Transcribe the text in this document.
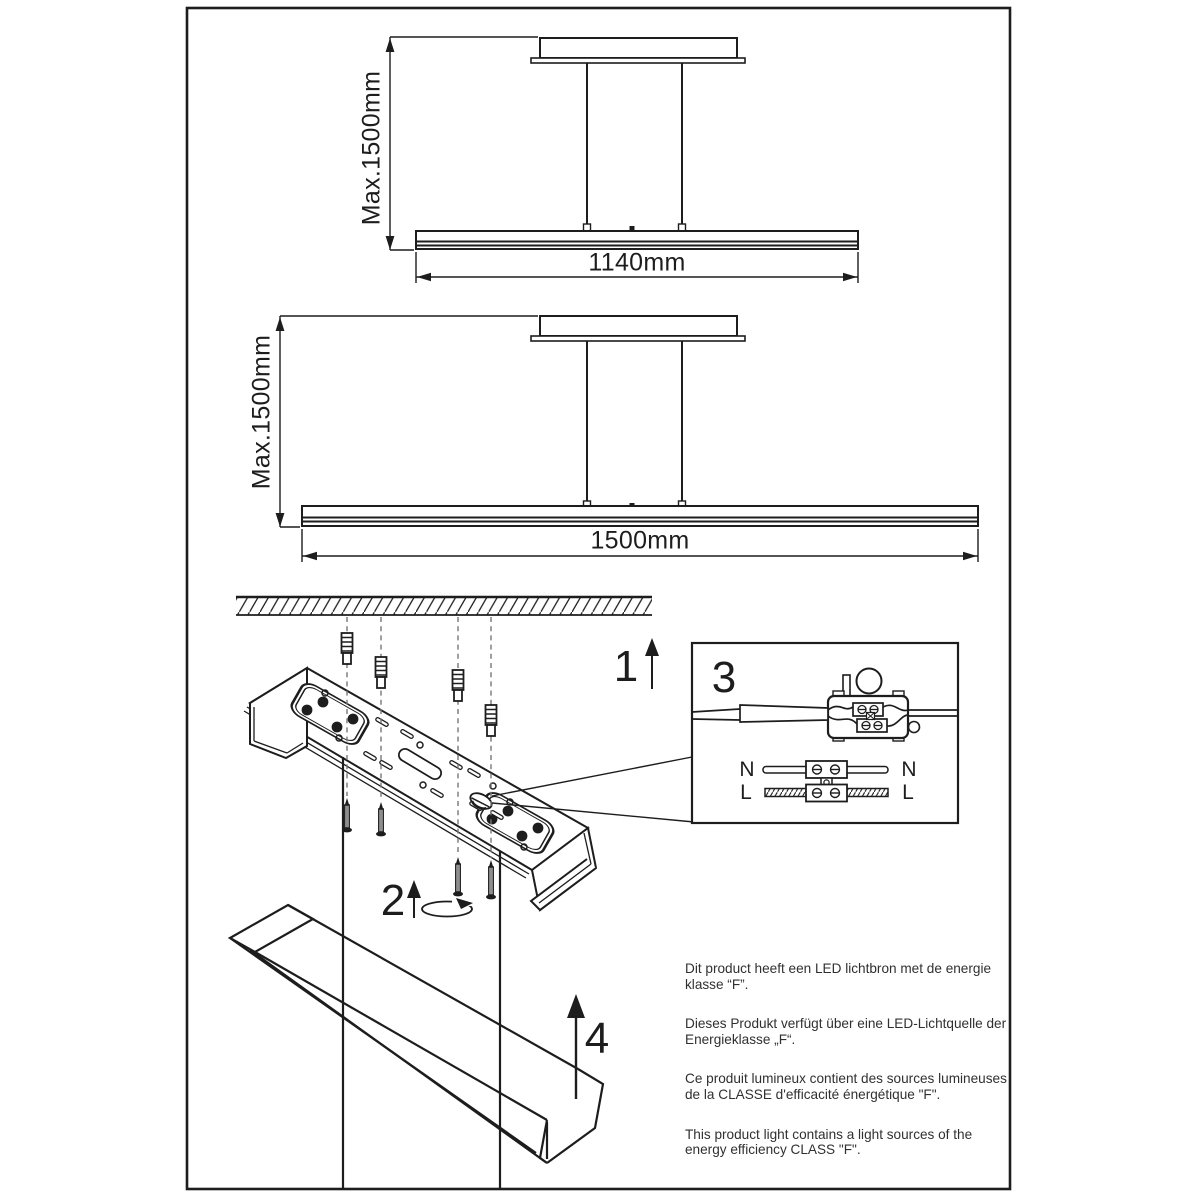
Max.1500mm
1140mm
Max.1500mm
1500mm
1
2
3
4
N	N
L	L

Dit product heeft een LED lichtbron met de energie klasse “F”.

Dieses Produkt verfügt über eine LED-Lichtquelle der Energieklasse „F“.

Ce produit lumineux contient des sources lumineuses de la CLASSE d'efficacité énergétique "F".

This product light contains a light sources of the energy efficiency CLASS "F".
